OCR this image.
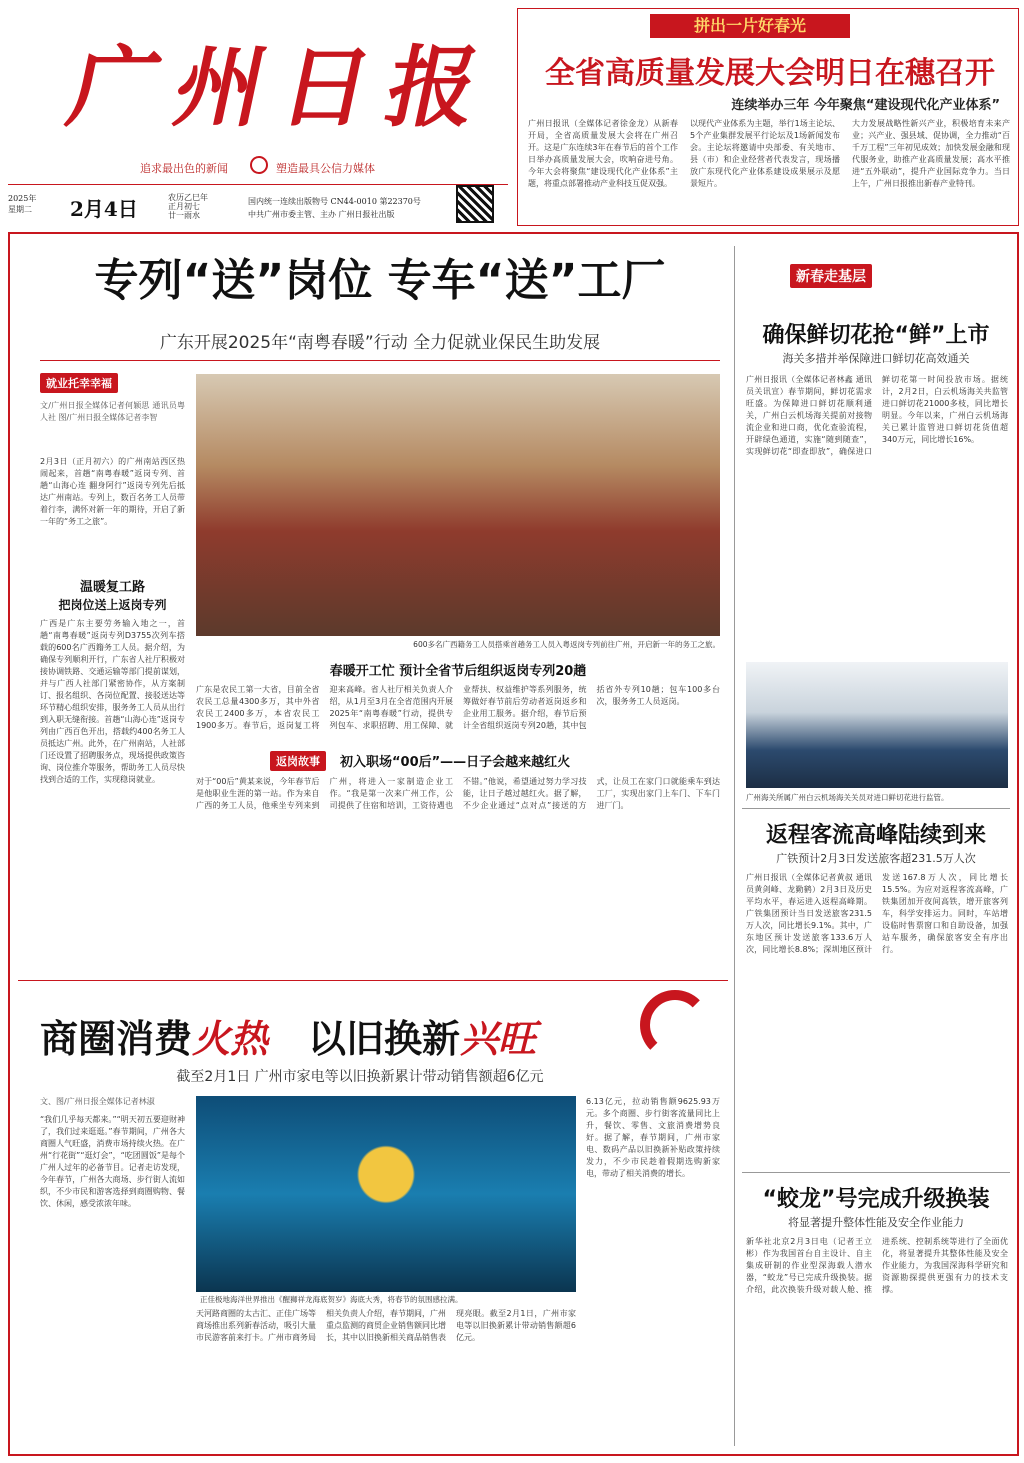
广州日报
追求最出色的新闻	塑造最具公信力媒体
2025年
星期二 2月4日	农历乙巳年
正月初七
廿一雨水
国内统一连续出版物号 CN44-0010 第22370号
中共广州市委主管、主办 广州日报社出版
拼出一片好春光
全省高质量发展大会明日在穗召开
连续举办三年 今年聚焦“建设现代化产业体系”
广州日报讯（全媒体记者徐金龙）从新春开局，全省高质量发展大会将在广州召开。这是广东连续3年在春节后的首个工作日举办高质量发展大会，吹响奋进号角。今年大会将聚焦“建设现代化产业体系”主题，将重点部署推动产业科技互促双强。
以现代产业体系为主题，举行1场主论坛、5个产业集群发展平行论坛及1场新闻发布会。主论坛将邀请中央部委、有关地市、县（市）和企业经营者代表发言，现场播放广东现代化产业体系建设成果展示及愿景短片。
大力发展战略性新兴产业，积极培育未来产业；兴产业、强县域、促协调，全力推动“百千万工程”三年初见成效；加快发展金融和现代服务业，助推产业高质量发展；高水平推进“五外联动”，提升产业国际竞争力。当日上午，广州日报推出新春产业特刊。
专列“送”岗位 专车“送”工厂
广东开展2025年“南粤春暖”行动 全力促就业保民生助发展
就业托幸幸福
文/广州日报全媒体记者何颖思 通讯员粤人社 图/广州日报全媒体记者李智
2月3日（正月初六）的广州南站西区热闹起来，首趟“南粤春暖”返岗专列、首趟“山海心连 翻身阿行”返岗专列先后抵达广州南站。专列上，数百名务工人员带着行李，满怀对新一年的期待，开启了新一年的“务工之旅”。
温暖复工路
把岗位送上返岗专列
广西是广东主要劳务输入地之一，首趟“南粤春暖”返岗专列D3755次列车搭载的600名广西籍务工人员。据介绍，为确保专列顺利开行，广东省人社厅积极对接协调铁路、交通运输等部门提前谋划，并与广西人社部门紧密协作，从方案制订、报名组织、各岗位配置、接驳送达等环节精心组织安排，服务务工人员从出行到入职无缝衔接。首趟“山海心连”返岗专列由广西百色开出，搭载约400名务工人员抵达广州。此外，在广州南站，人社部门还设置了招聘服务点，现场提供政策咨询、岗位推介等服务，帮助务工人员尽快找到合适的工作，实现稳岗就业。
600多名广西籍务工人员搭乘首趟务工人员入粤返岗专列前往广州，开启新一年的务工之旅。
春暖开工忙 预计全省节后组织返岗专列20趟
广东是农民工第一大省，目前全省农民工总量4300多万，其中外省农民工2400多万，本省农民工1900多万。春节后，返岗复工将迎来高峰。省人社厅相关负责人介绍，从1月至3月在全省范围内开展2025年“南粤春暖”行动，提供专列包车、求职招聘、用工保障、就业帮扶、权益维护等系列服务，统筹做好春节前后劳动者返岗返乡和企业用工服务。据介绍，春节后预计全省组织返岗专列20趟，其中包括省外专列10趟；包车100多台次，服务务工人员返岗。
返岗故事	初入职场“00后”——日子会越来越红火
对于“00后”黄某来说，今年春节后是他职业生涯的第一站。作为来自广西的务工人员，他乘坐专列来到广州，将进入一家制造企业工作。“我是第一次来广州工作，公司提供了住宿和培训，工资待遇也不错。”他说，希望通过努力学习技能，让日子越过越红火。据了解，不少企业通过“点对点”接送的方式，让员工在家门口就能乘车到达工厂，实现出家门上车门、下车门进厂门。
新春走基层
确保鲜切花抢“鲜”上市
海关多措并举保障进口鲜切花高效通关
广州日报讯（全媒体记者林鑫 通讯员关讯宣）春节期间，鲜切花需求旺盛。为保障进口鲜切花顺利通关，广州白云机场海关提前对接物流企业和进口商，优化查验流程，开辟绿色通道，实施“随到随查”，实现鲜切花“即查即放”，确保进口鲜切花第一时间投放市场。据统计，2月2日，白云机场海关共监管进口鲜切花21000多枝，同比增长明显。今年以来，广州白云机场海关已累计监管进口鲜切花货值超340万元，同比增长16%。
广州海关所属广州白云机场海关关员对进口鲜切花进行监管。
返程客流高峰陆续到来
广铁预计2月3日发送旅客超231.5万人次
广州日报讯（全媒体记者黄叔 通讯员黄剑峰、龙勤鹤）2月3日及历史平均水平，春运进入返程高峰期。广铁集团预计当日发送旅客231.5万人次，同比增长9.1%。其中，广东地区预计发送旅客133.6万人次，同比增长8.8%；深圳地区预计发送167.8万人次，同比增长15.5%。为应对返程客流高峰，广铁集团加开夜间高铁，增开旅客列车，科学安排运力。同时，车站增设临时售票窗口和自助设备，加强站车服务，确保旅客安全有序出行。
“蛟龙”号完成升级换装
将显著提升整体性能及安全作业能力
新华社北京2月3日电（记者王立彬）作为我国首台自主设计、自主集成研制的作业型深海载人潜水器，“蛟龙”号已完成升级换装。据介绍，此次换装升级对载人舱、推进系统、控制系统等进行了全面优化，将显著提升其整体性能及安全作业能力，为我国深海科学研究和资源勘探提供更强有力的技术支撑。
商圈消费火热 以旧换新兴旺
截至2月1日 广州市家电等以旧换新累计带动销售额超6亿元
文、图/广州日报全媒体记者林淑
“我们几乎每天都来。”“明天初五要迎财神了，我们过来逛逛。”春节期间，广州各大商圈人气旺盛，消费市场持续火热。在广州“行花街”“逛灯会”，“吃团圆饭”是每个广州人过年的必备节目。记者走访发现，今年春节，广州各大商场、步行街人流如织，不少市民和游客选择到商圈购物、餐饮、休闲，感受浓浓年味。
正佳极地海洋世界推出《醒狮祥龙海底贺岁》海底大秀，将春节的氛围感拉满。
天河路商圈的太古汇、正佳广场等商场推出系列新春活动，吸引大量市民游客前来打卡。广州市商务局相关负责人介绍，春节期间，广州重点监测的商贸企业销售额同比增长，其中以旧换新相关商品销售表现亮眼。截至2月1日，广州市家电等以旧换新累计带动销售额超6亿元。
6.13亿元，拉动销售额9625.93万元。多个商圈、步行街客流量同比上升，餐饮、零售、文旅消费增势良好。据了解，春节期间，广州市家电、数码产品以旧换新补贴政策持续发力，不少市民趁着假期选购新家电，带动了相关消费的增长。
